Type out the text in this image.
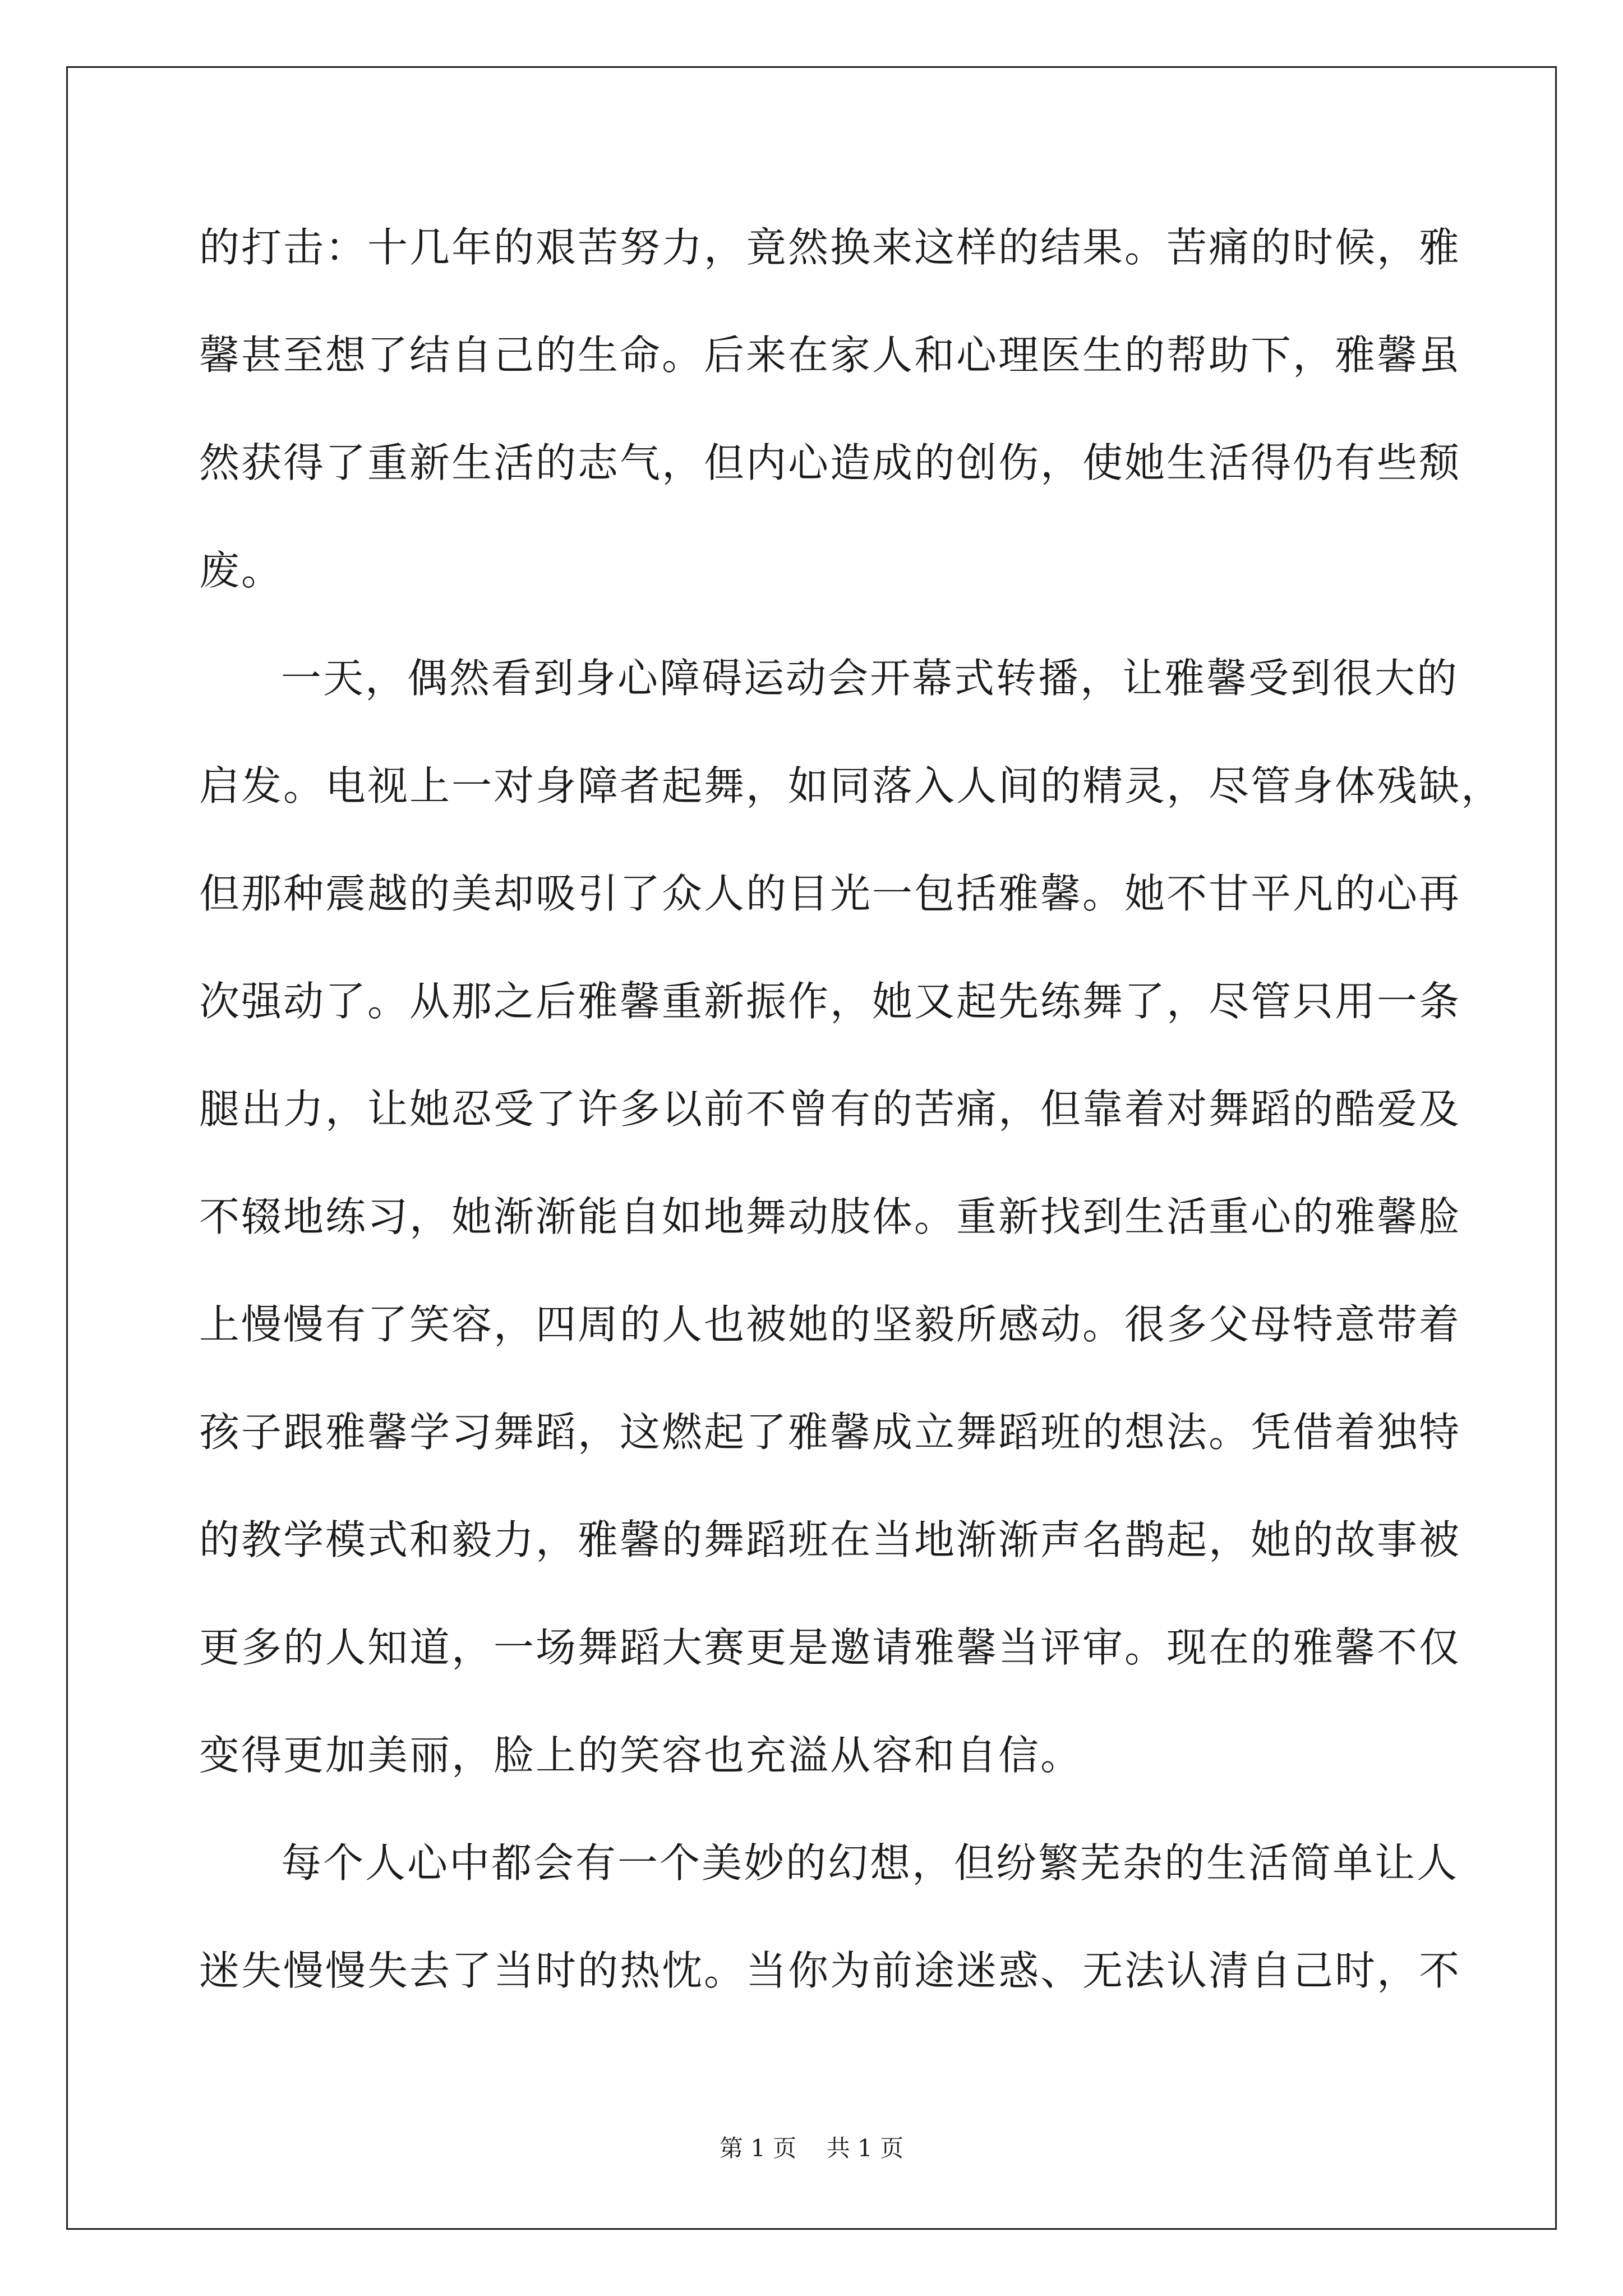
的打击：十几年的艰苦努力，竟然换来这样的结果。苦痛的时候，雅
馨甚至想了结自己的生命。后来在家人和心理医生的帮助下，雅馨虽
然获得了重新生活的志气，但内心造成的创伤，使她生活得仍有些颓
废。
一天，偶然看到身心障碍运动会开幕式转播，让雅馨受到很大的
启发。电视上一对身障者起舞，如同落入人间的精灵，尽管身体残缺，
但那种震越的美却吸引了众人的目光一包括雅馨。她不甘平凡的心再
次强动了。从那之后雅馨重新振作，她又起先练舞了，尽管只用一条
腿出力，让她忍受了许多以前不曾有的苦痛，但靠着对舞蹈的酷爱及
不辍地练习，她渐渐能自如地舞动肢体。重新找到生活重心的雅馨脸
上慢慢有了笑容，四周的人也被她的坚毅所感动。很多父母特意带着
孩子跟雅馨学习舞蹈，这燃起了雅馨成立舞蹈班的想法。凭借着独特
的教学模式和毅力，雅馨的舞蹈班在当地渐渐声名鹊起，她的故事被
更多的人知道，一场舞蹈大赛更是邀请雅馨当评审。现在的雅馨不仅
变得更加美丽，脸上的笑容也充溢从容和自信。
每个人心中都会有一个美妙的幻想，但纷繁芜杂的生活简单让人
迷失慢慢失去了当时的热忱。当你为前途迷惑、无法认清自己时，不
第 1 页    共 1 页
